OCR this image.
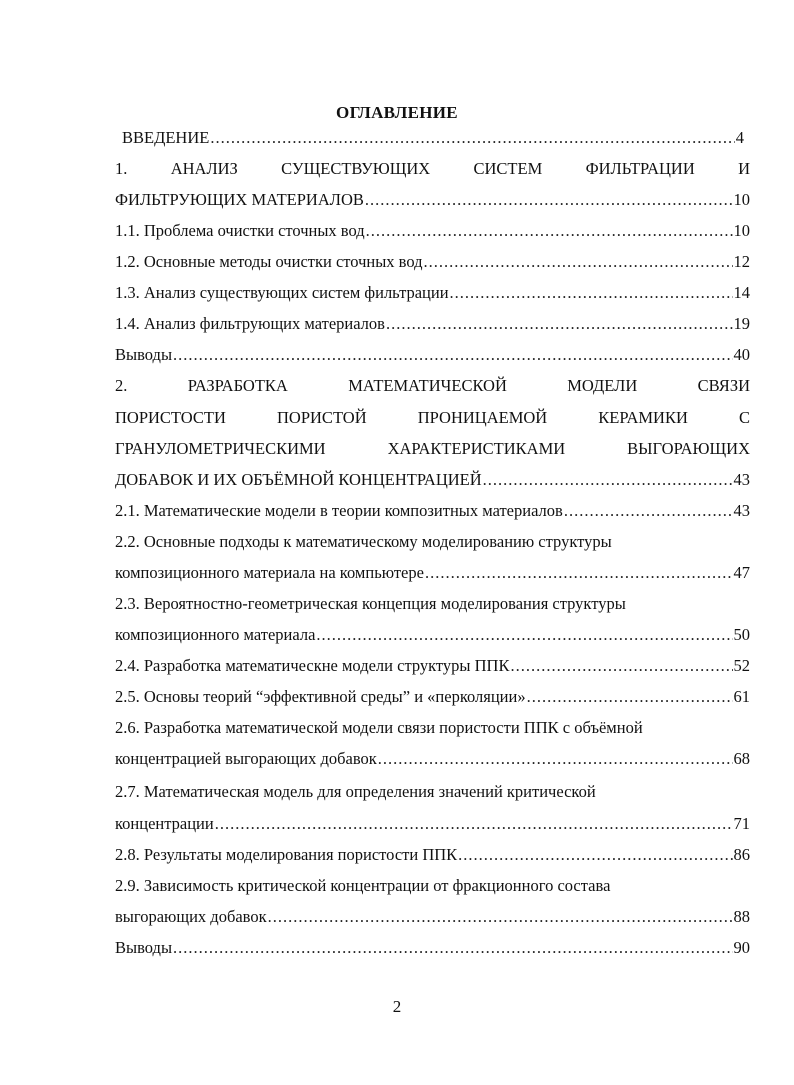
ОГЛАВЛЕНИЕ
ВВЕДЕНИЕ .....	4
1. АНАЛИЗ СУЩЕСТВУЮЩИХ СИСТЕМ ФИЛЬТРАЦИИ И
ФИЛЬТРУЮЩИХ МАТЕРИАЛОВ .....	10
1.1. Проблема очистки сточных вод .....	10
1.2. Основные методы очистки сточных вод .....	12
1.3. Анализ существующих систем фильтрации .....	14
1.4. Анализ фильтрующих материалов .....	19
Выводы .....	40
2. РАЗРАБОТКА МАТЕМАТИЧЕСКОЙ МОДЕЛИ СВЯЗИ
ПОРИСТОСТИ ПОРИСТОЙ ПРОНИЦАЕМОЙ КЕРАМИКИ С
ГРАНУЛОМЕТРИЧЕСКИМИ ХАРАКТЕРИСТИКАМИ ВЫГОРАЮЩИХ
ДОБАВОК И ИХ ОБЪЁМНОЙ КОНЦЕНТРАЦИЕЙ .....	43
2.1. Математические модели в теории композитных материалов .....	43
2.2. Основные подходы к математическому моделированию структуры
композиционного материала на компьютере .....	47
2.3. Вероятностно-геометрическая концепция моделирования структуры
композиционного материала .....	50
2.4. Разработка математическне модели структуры ППК .....	52
2.5. Основы теорий “эффективной среды” и «перколяции» .....	61
2.6. Разработка математической модели связи пористости ППК с объёмной
концентрацией выгорающих добавок .....	68
2.7. Математическая модель для определения значений критической
концентрации .....	71
2.8. Результаты моделирования пористости ППК .....	86
2.9. Зависимость критической концентрации от фракционного состава
выгорающих добавок .....	88
Выводы .....	90
2
